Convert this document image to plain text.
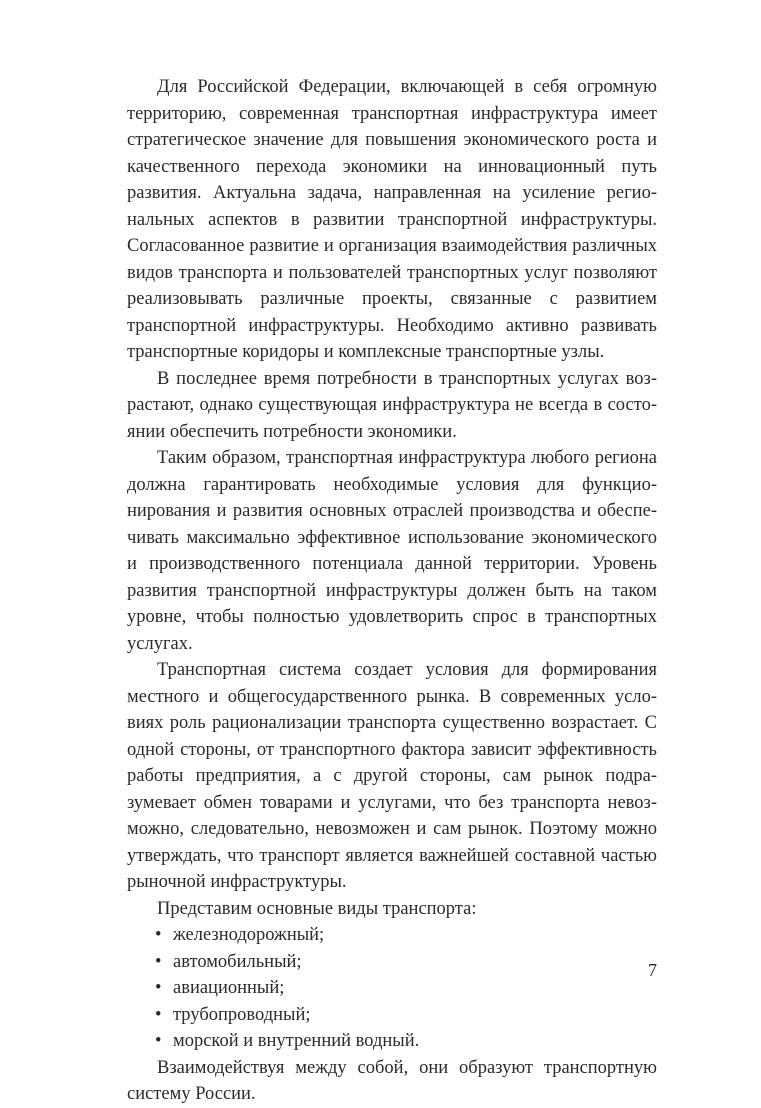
Для Российской Федерации, включающей в себя огромную территорию, современная транспортная инфраструктура имеет стратегическое значение для повышения экономического роста и качественного перехода экономики на инновационный путь развития. Актуальна задача, направленная на усиление региональных аспектов в развитии транспортной инфраструктуры. Согласованное развитие и организация взаимодействия различных видов транспорта и пользователей транспортных услуг позволяют реализовывать различные проекты, связанные с развитием транспортной инфраструктуры. Необходимо активно развивать транспортные коридоры и комплексные транспортные узлы.

В последнее время потребности в транспортных услугах возрастают, однако существующая инфраструктура не всегда в состоянии обеспечить потребности экономики.

Таким образом, транспортная инфраструктура любого региона должна гарантировать необходимые условия для функционирования и развития основных отраслей производства и обеспечивать максимально эффективное использование экономического и производственного потенциала данной территории. Уровень развития транспортной инфраструктуры должен быть на таком уровне, чтобы полностью удовлетворить спрос в транспортных услугах.

Транспортная система создает условия для формирования местного и общегосударственного рынка. В современных условиях роль рационализации транспорта существенно возрастает. С одной стороны, от транспортного фактора зависит эффективность работы предприятия, а с другой стороны, сам рынок подразумевает обмен товарами и услугами, что без транспорта невозможно, следовательно, невозможен и сам рынок. Поэтому можно утверждать, что транспорт является важнейшей составной частью рыночной инфраструктуры.

Представим основные виды транспорта:

• железнодорожный;
• автомобильный;
• авиационный;
• трубопроводный;
• морской и внутренний водный.

Взаимодействуя между собой, они образуют транспортную систему России.

7
